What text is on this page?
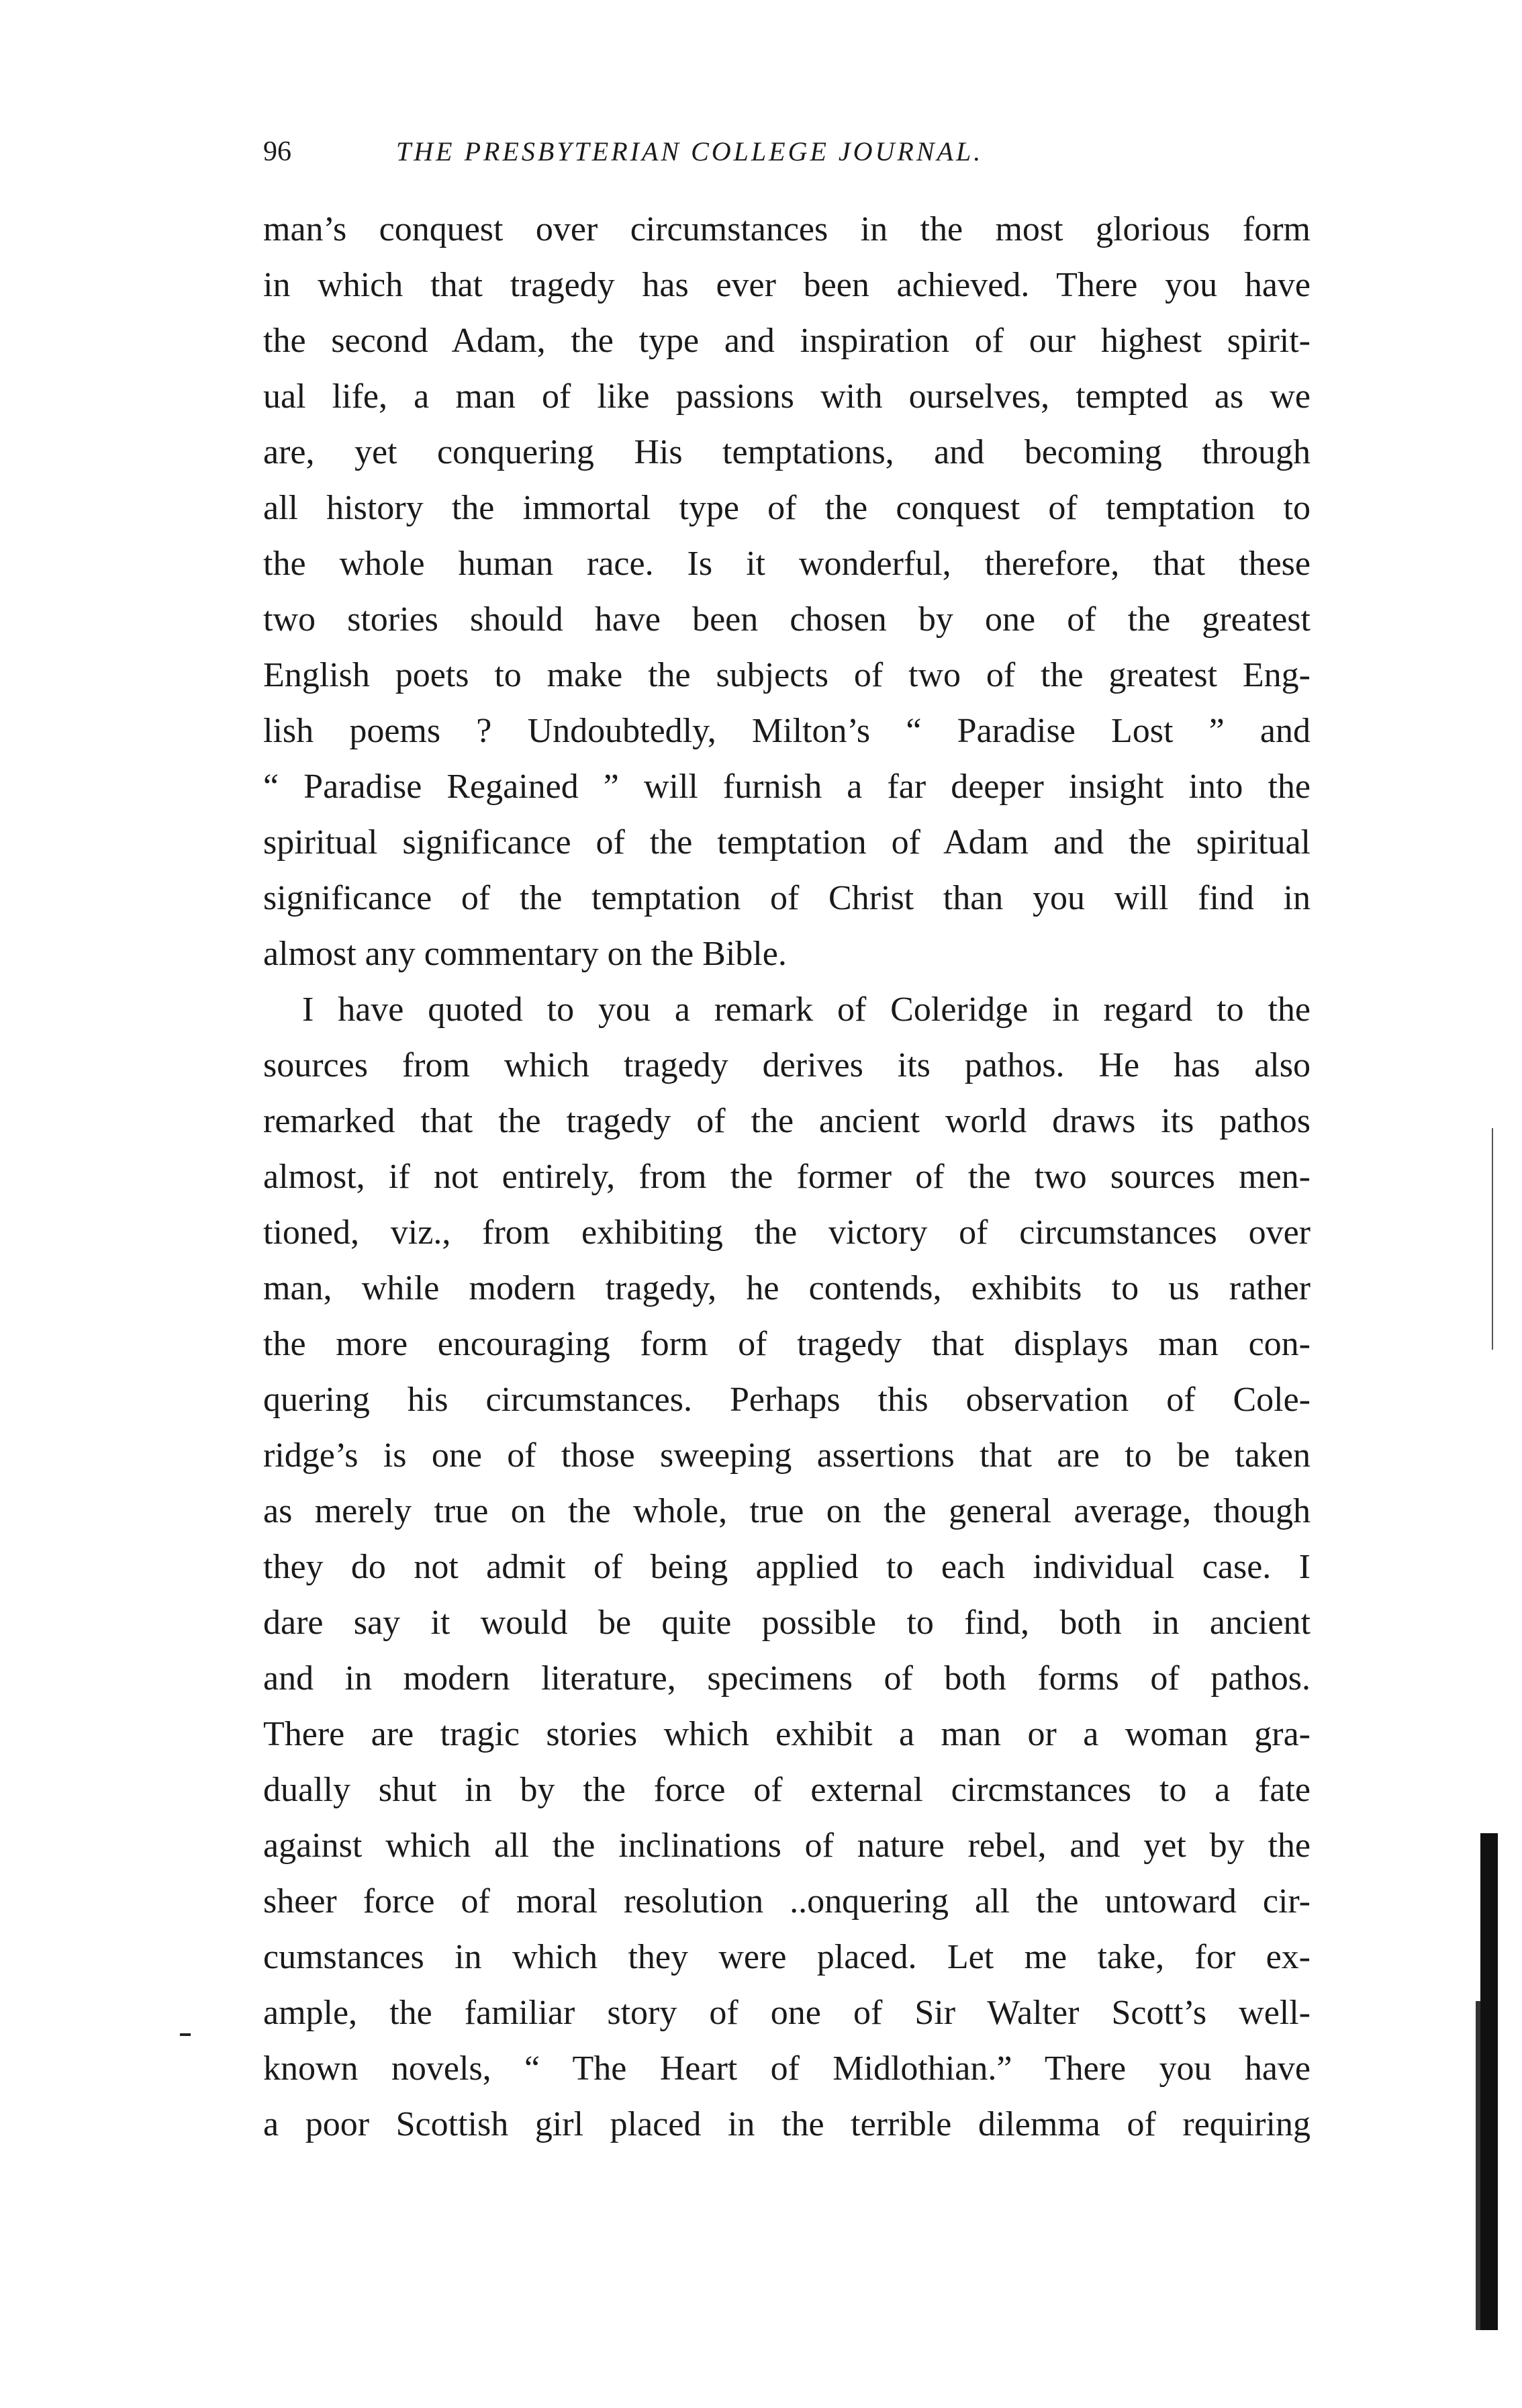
96	THE PRESBYTERIAN COLLEGE JOURNAL.
man’s conquest over circumstances in the most glorious form
in which that tragedy has ever been achieved. There you have
the second Adam, the type and inspiration of our highest spirit-
ual life, a man of like passions with ourselves, tempted as we
are, yet conquering His temptations, and becoming through
all history the immortal type of the conquest of temptation to
the whole human race. Is it wonderful, therefore, that these
two stories should have been chosen by one of the greatest
English poets to make the subjects of two of the greatest Eng-
lish poems ? Undoubtedly, Milton’s “ Paradise Lost ” and
“ Paradise Regained ” will furnish a far deeper insight into the
spiritual significance of the temptation of Adam and the spiritual
significance of the temptation of Christ than you will find in
almost any commentary on the Bible.
I have quoted to you a remark of Coleridge in regard to the
sources from which tragedy derives its pathos. He has also
remarked that the tragedy of the ancient world draws its pathos
almost, if not entirely, from the former of the two sources men-
tioned, viz., from exhibiting the victory of circumstances over
man, while modern tragedy, he contends, exhibits to us rather
the more encouraging form of tragedy that displays man con-
quering his circumstances. Perhaps this observation of Cole-
ridge’s is one of those sweeping assertions that are to be taken
as merely true on the whole, true on the general average, though
they do not admit of being applied to each individual case. I
dare say it would be quite possible to find, both in ancient
and in modern literature, specimens of both forms of pathos.
There are tragic stories which exhibit a man or a woman gra-
dually shut in by the force of external circmstances to a fate
against which all the inclinations of nature rebel, and yet by the
sheer force of moral resolution ..onquering all the untoward cir-
cumstances in which they were placed. Let me take, for ex-
ample, the familiar story of one of Sir Walter Scott’s well-
known novels, “ The Heart of Midlothian.” There you have
a poor Scottish girl placed in the terrible dilemma of requiring
